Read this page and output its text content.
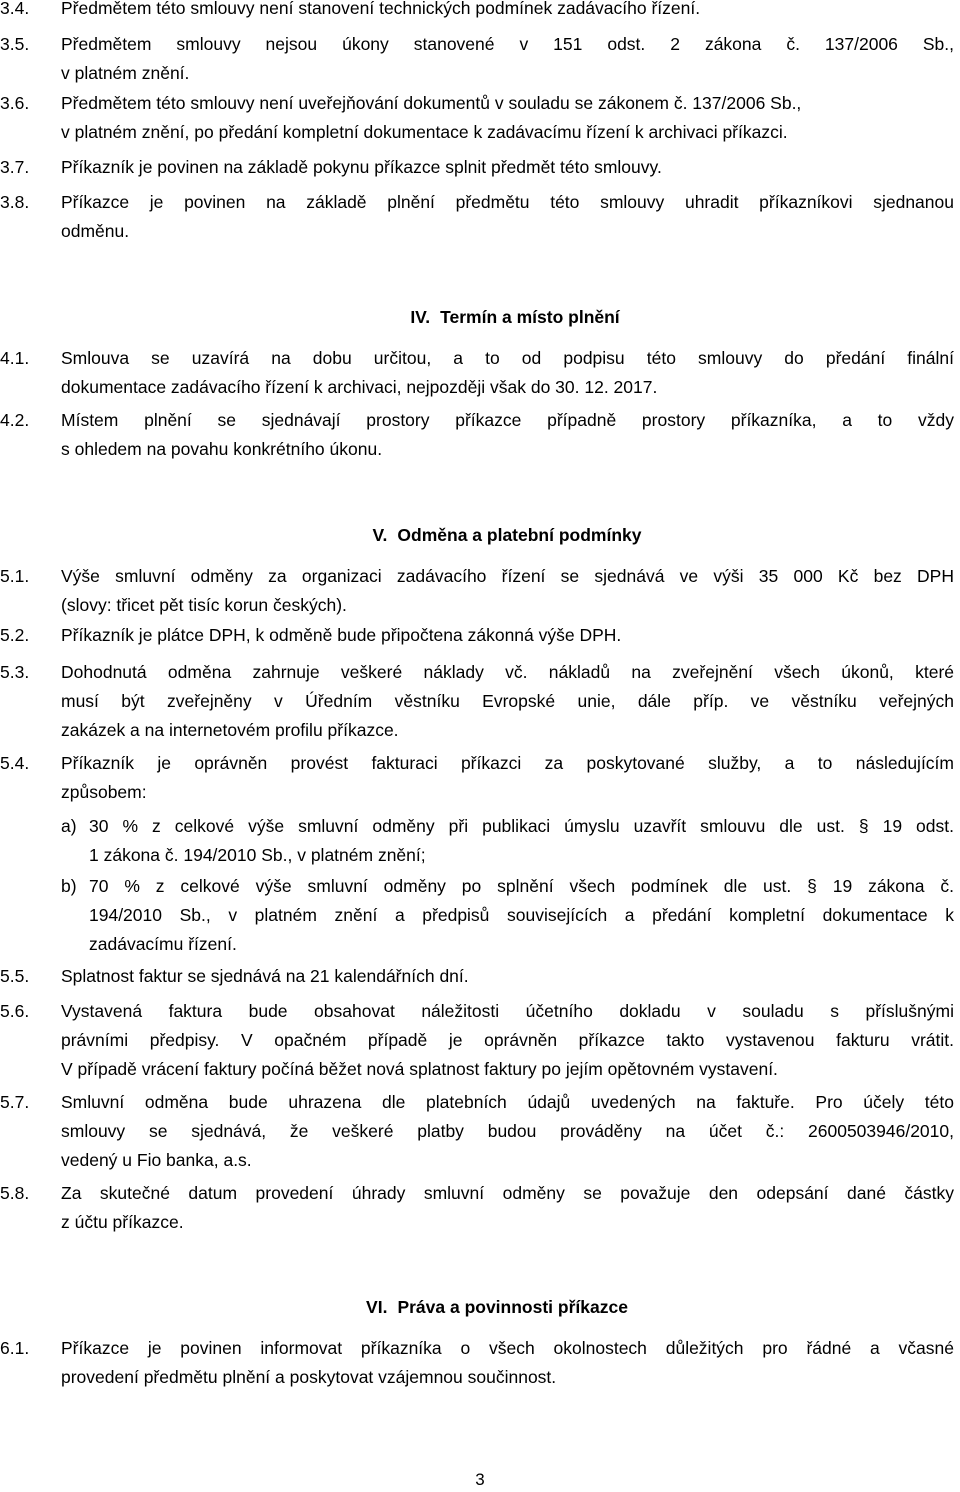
3.4.	Předmětem této smlouvy není stanovení technických podmínek zadávacího řízení.
3.5.	Předmětem smlouvy nejsou úkony stanovené v 151 odst. 2 zákona č. 137/2006 Sb.,
v platném znění.
3.6.	Předmětem této smlouvy není uveřejňování dokumentů v souladu se zákonem č. 137/2006 Sb.,
v platném znění, po předání kompletní dokumentace k zadávacímu řízení k archivaci příkazci.
3.7.	Příkazník je povinen na základě pokynu příkazce splnit předmět této smlouvy.
3.8.	Příkazce je povinen na základě plnění předmětu této smlouvy uhradit příkazníkovi sjednanou
odměnu.
IV. Termín a místo plnění
4.1.	Smlouva se uzavírá na dobu určitou, a to od podpisu této smlouvy do předání finální
dokumentace zadávacího řízení k archivaci, nejpozději však do 30. 12. 2017.
4.2.	Místem plnění se sjednávají prostory příkazce případně prostory příkazníka, a to vždy
s ohledem na povahu konkrétního úkonu.
V. Odměna a platební podmínky
5.1.	Výše smluvní odměny za organizaci zadávacího řízení se sjednává ve výši 35 000 Kč bez DPH
(slovy: třicet pět tisíc korun českých).
5.2.	Příkazník je plátce DPH, k odměně bude připočtena zákonná výše DPH.
5.3.	Dohodnutá odměna zahrnuje veškeré náklady vč. nákladů na zveřejnění všech úkonů, které
musí být zveřejněny v Úředním věstníku Evropské unie, dále příp. ve věstníku veřejných
zakázek a na internetovém profilu příkazce.
5.4.	Příkazník je oprávněn provést fakturaci příkazci za poskytované služby, a to následujícím
způsobem:
a) 30 % z celkové výše smluvní odměny při publikaci úmyslu uzavřít smlouvu dle ust. § 19 odst.
1 zákona č. 194/2010 Sb., v platném znění;
b) 70 % z celkové výše smluvní odměny po splnění všech podmínek dle ust. § 19 zákona č.
194/2010 Sb., v platném znění a předpisů souvisejících a předání kompletní dokumentace k
zadávacímu řízení.
5.5.	Splatnost faktur se sjednává na 21 kalendářních dní.
5.6.	Vystavená faktura bude obsahovat náležitosti účetního dokladu v souladu s příslušnými
právními předpisy. V opačném případě je oprávněn příkazce takto vystavenou fakturu vrátit.
V případě vrácení faktury počíná běžet nová splatnost faktury po jejím opětovném vystavení.
5.7.	Smluvní odměna bude uhrazena dle platebních údajů uvedených na faktuře. Pro účely této
smlouvy se sjednává, že veškeré platby budou prováděny na účet č.: 2600503946/2010,
vedený u Fio banka, a.s.
5.8.	Za skutečné datum provedení úhrady smluvní odměny se považuje den odepsání dané částky
z účtu příkazce.
VI. Práva a povinnosti příkazce
6.1.	Příkazce je povinen informovat příkazníka o všech okolnostech důležitých pro řádné a včasné
provedení předmětu plnění a poskytovat vzájemnou součinnost.
3
